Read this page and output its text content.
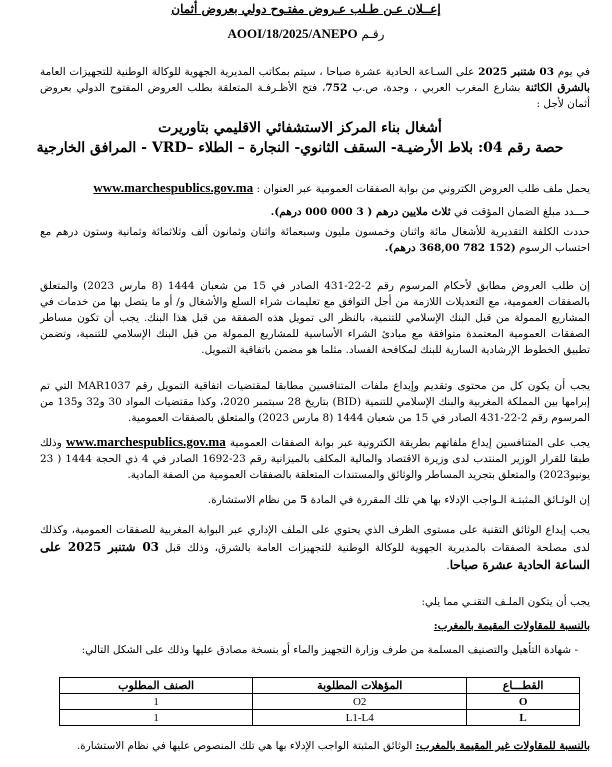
إعــلان عـن طـلب عـروض مفتـوح دولي بعروض أثمان
رقـم AOOI/18/2025/ANEPO

في يوم 03 شتنبر 2025 على السـاعة الحادية عشرة صباحا ، سيتم بمكاتب المديرية الجهوية للوكالة الوطنية للتجهيزات العامة بالشرق الكائنة بشارع المغرب العربي ، وجدة، ص.ب 752، فتح الأظـرفـة المتعلقة بطلب العروض المفتوح الدولي بعروض أثمان لأجل :

أشغال بناء المركز الاستشفائي الاقليمي بتاوريرت

حصة رقم 04: بلاط الأرضيـة- السقف الثانوي- النجارة – الطلاء –VRD - المرافق الخارجية

يحمل ملف طلب العروض الكتروني من بوابة الصفقات العمومية عبر العنوان : www.marchespublics.gov.ma

حـــدد مبلغ الضمان المؤقت في ثلاث ملايين درهم ( 3 000 000 درهم).

حددت الكلفة التقديرية للأشغال مائة واثنان وخمسون مليون وسبعمائة واثنان وثمانون ألف وثلاثمائة وثمانية وستون درهم مع احتساب الرسوم (152 782 368,00 درهم).

إن طلب العروض مطابق لأحكام المرسوم رقم 2-22-431 الصادر في 15 من شعبان 1444 (8 مارس 2023) والمتعلق بالصفقات العمومية، مع التعديلات اللازمة من أجل التوافق مع تعليمات شراء السلع والأشغال و/ أو ما يتصل بها من خدمات في المشاريع الممولة من قبل البنك الإسلامي للتنمية، بالنظر الى تمويل هذه الصفقة من قبل هذا البنك. يجب أن تكون مساطر الصفقات العمومية المعتمدة متوافقة مع مبادئ الشراء الأساسية للمشاريع الممولة من قبل البنك الإسلامي للتنمية، وتضمن تطبيق الخطوط الإرشادية السارية للبنك لمكافحة الفساد. مثلما هو مضمن باتفاقية التمويل.

يجب أن يكون كل من محتوى وتقديم وإيداع ملفات المتنافسين مطابقا لمقتضيات اتفاقية التمويل رقم MAR1037 التي تم إبرامها بين المملكة المغربية والبنك الإسلامي للتنمية (BID) بتاريخ 28 سبتمبر 2020، وكذا مقتضيات المواد 30 و32 و135 من المرسوم رقم 2-22-431 الصادر في 15 من شعبان 1444 (8 مارس 2023) والمتعلق بالصفقات العمومية.

يجب على المتنافسين إيداع ملفاتهم بطريقة الكترونية عبر بوابة الصفقات العمومية www.marchespublics.gov.ma وذلك طبقا للقرار الوزير المنتدب لدى وزيرة الاقتصاد والمالية المكلف بالميزانية رقم 23-1692 الصادر في 4 ذي الحجة 1444 ( 23 يونيو2023) والمتعلق بتجريد المساطر والوثائق والمستندات المتعلقة بالصفقات العمومية من الصفة المادية.

إن الوثـائق المثبتـة الـواجب الإدلاء بها هي تلك المقررة في المادة 5 من نظام الاستشارة.

يجب إيداع الوثائق التقنية على مستوى الظرف الذي يحتوي على الملف الإداري عبر البوابة المغربية للصفقات العمومية، وكذلك لدى مصلحة الصفقات بالمديرية الجهوية للوكالة الوطنية للتجهيزات العامة بالشرق، وذلك قبل 03 شتنبر 2025 على الساعة الحادية عشرة صباحا.

يجب أن يتكون الملـف التقنـي مما يلي:

بالنسبة للمقاولات المقيمة بالمغرب:

- شهادة التأهيل والتصنيف المسلمة من طرف وزارة التجهيز والماء أو بنسخة مصادق عليها وذلك على الشكل التالي:

القطـــاع	المؤهلات المطلوبة	الصنف المطلوب
O	O2	1
L	L1-L4	1

بالنسبة للمقاولات غير المقيمة بالمغرب: الوثائق المثبتة الواجب الإدلاء بها هي تلك المنصوص عليها في نظام الاستشارة.
